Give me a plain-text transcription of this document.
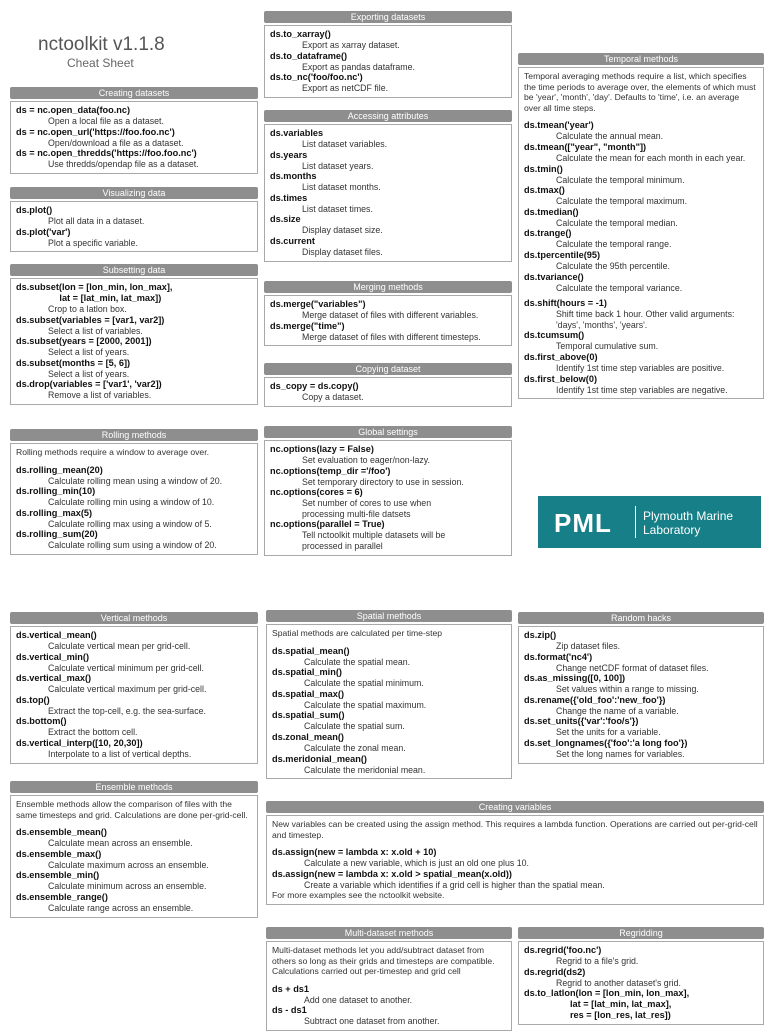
nctoolkit v1.1.8
Cheat Sheet
Creating datasets
ds = nc.open_data(foo.nc)
Open a local file as a dataset.
ds = nc.open_url('https://foo.foo.nc')
Open/download a file as a dataset.
ds = nc.open_thredds('https://foo.foo.nc')
Use thredds/opendap file as a dataset.
Visualizing data
ds.plot()
Plot all data in a dataset.
ds.plot('var')
Plot a specific variable.
Subsetting data
ds.subset(lon = [lon_min, lon_max],
lat = [lat_min, lat_max])
Crop to a latlon box.
ds.subset(variables = [var1, var2])
Select a list of variables.
ds.subset(years = [2000, 2001])
Select a list of years.
ds.subset(months = [5, 6])
Select a list of years.
ds.drop(variables = ['var1', 'var2])
Remove a list of variables.
Rolling methods
Rolling methods require a window to average over.
ds.rolling_mean(20)
Calculate rolling mean using a window of 20.
ds.rolling_min(10)
Calculate rolling min using a window of 10.
ds.rolling_max(5)
Calculate rolling max using a window of 5.
ds.rolling_sum(20)
Calculate rolling sum using a window of 20.
Exporting datasets
ds.to_xarray()
Export as xarray dataset.
ds.to_dataframe()
Export as pandas dataframe.
ds.to_nc('foo/foo.nc')
Export as netCDF file.
Accessing attributes
ds.variables
List dataset variables.
ds.years
List dataset years.
ds.months
List dataset months.
ds.times
List dataset times.
ds.size
Display dataset size.
ds.current
Display dataset files.
Merging methods
ds.merge("variables")
Merge dataset of files with different variables.
ds.merge("time")
Merge dataset of files with different timesteps.
Copying dataset
ds_copy = ds.copy()
Copy a dataset.
Global settings
nc.options(lazy = False)
Set evaluation to eager/non-lazy.
nc.options(temp_dir ='/foo')
Set temporary directory to use in session.
nc.options(cores = 6)
Set number of cores to use when
processing multi-file datsets
nc.options(parallel = True)
Tell nctoolkit multiple datasets will be
processed in parallel
Temporal methods
Temporal averaging methods require a list, which specifies the time periods to average over, the elements of which must be 'year', 'month', 'day'. Defaults to 'time', i.e. an average over all time steps.
ds.tmean('year')
Calculate the annual mean.
ds.tmean(["year", "month"])
Calculate the mean for each month in each year.
ds.tmin()
Calculate the temporal minimum.
ds.tmax()
Calculate the temporal maximum.
ds.tmedian()
Calculate the temporal median.
ds.trange()
Calculate the temporal range.
ds.tpercentile(95)
Calculate the 95th percentile.
ds.tvariance()
Calculate the temporal variance.
ds.shift(hours = -1)
Shift time back 1 hour. Other valid arguments: 'days', 'months', 'years'.
ds.tcumsum()
Temporal cumulative sum.
ds.first_above(0)
Identify 1st time step variables are positive.
ds.first_below(0)
Identify 1st time step variables are negative.
PML	Plymouth Marine
Laboratory
Vertical methods
ds.vertical_mean()
Calculate vertical mean per grid-cell.
ds.vertical_min()
Calculate vertical minimum per grid-cell.
ds.vertical_max()
Calculate vertical maximum per grid-cell.
ds.top()
Extract the top-cell, e.g. the sea-surface.
ds.bottom()
Extract the bottom cell.
ds.vertical_interp([10, 20,30])
Interpolate to a list of vertical depths.
Ensemble methods
Ensemble methods allow the comparison of files with the same timesteps and grid. Calculations are done per-grid-cell.
ds.ensemble_mean()
Calculate mean across an ensemble.
ds.ensemble_max()
Calculate maximum across an ensemble.
ds.ensemble_min()
Calculate minimum across an ensemble.
ds.ensemble_range()
Calculate range across an ensemble.
Spatial methods
Spatial methods are calculated per time-step
ds.spatial_mean()
Calculate the spatial mean.
ds.spatial_min()
Calculate the spatial minimum.
ds.spatial_max()
Calculate the spatial maximum.
ds.spatial_sum()
Calculate the spatial sum.
ds.zonal_mean()
Calculate the zonal mean.
ds.meridonial_mean()
Calculate the meridonial mean.
Random hacks
ds.zip()
Zip dataset files.
ds.format('nc4')
Change netCDF format of dataset files.
ds.as_missing([0, 100])
Set values within a range to missing.
ds.rename({'old_foo':'new_foo'})
Change the name of a variable.
ds.set_units({'var':'foo/s'})
Set the units for a variable.
ds.set_longnames({'foo':'a long foo'})
Set the long names for variables.
Creating variables
New variables can be created using the assign method. This requires a lambda function. Operations are carried out per-grid-cell and timestep.
ds.assign(new = lambda x: x.old + 10)
Calculate a new variable, which is just an old one plus 10.
ds.assign(new = lambda x: x.old > spatial_mean(x.old))
Create a variable which identifies if a grid cell is higher than the spatial mean.
For more examples see the nctoolkit website.
Multi-dataset methods
Multi-dataset methods let you add/subtract dataset from others so long as their grids and timesteps are compatible. Calculations carried out per-timestep and grid cell
ds + ds1
Add one dataset to another.
ds - ds1
Subtract one dataset from another.
Regridding
ds.regrid('foo.nc')
Regrid to a file's grid.
ds.regrid(ds2)
Regrid to another dataset's grid.
ds.to_latlon(lon = [lon_min, lon_max],
lat = [lat_min, lat_max],
res = [lon_res, lat_res])
